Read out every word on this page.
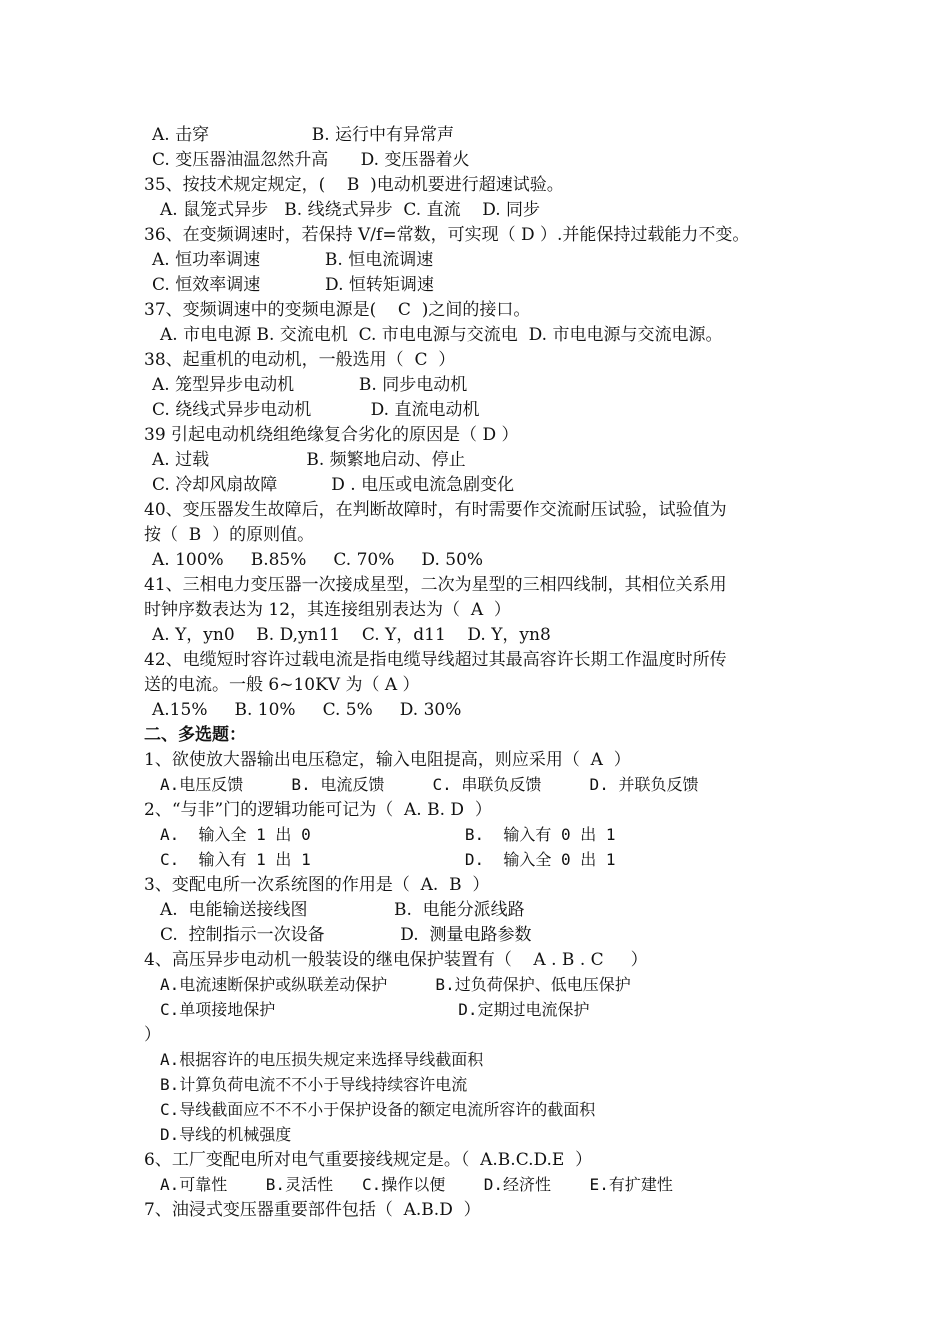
A. 击穿                   B. 运行中有异常声
C. 变压器油温忽然升高      D. 变压器着火
35、按技术规定规定，(    B  )电动机要进行超速试验。
A. 鼠笼式异步   B. 线绕式异步  C. 直流    D. 同步
36、在变频调速时，若保持 V/f=常数，可实现（ D ）.并能保持过载能力不变。
A. 恒功率调速            B. 恒电流调速
C. 恒效率调速            D. 恒转矩调速
37、变频调速中的变频电源是(    C  )之间的接口。
A. 市电电源 B. 交流电机  C. 市电电源与交流电  D. 市电电源与交流电源。
38、起重机的电动机，一般选用（  C  ）
A. 笼型异步电动机            B. 同步电动机
C. 绕线式异步电动机           D. 直流电动机
39 引起电动机绕组绝缘复合劣化的原因是（ D ）
A. 过载                  B. 频繁地启动、停止
C. 冷却风扇故障          D . 电压或电流急剧变化
40、变压器发生故障后，在判断故障时，有时需要作交流耐压试验，试验值为
按（  B  ）的原则值。
A. 100%     B.85%     C. 70%     D. 50%
41、三相电力变压器一次接成星型，二次为星型的三相四线制，其相位关系用
时钟序数表达为 12，其连接组别表达为（  A  ）
A. Y，yn0    B. D,yn11    C. Y，d11    D. Y，yn8
42、电缆短时容许过载电流是指电缆导线超过其最高容许长期工作温度时所传
送的电流。一般 6~10KV 为（ A ）
A.15%     B. 10%     C. 5%     D. 30%
二、多选题：
1、欲使放大器输出电压稳定，输入电阻提高，则应采用（  A  ）
A.电压反馈     B. 电流反馈     C. 串联负反馈     D. 并联负反馈
2、“与非”门的逻辑功能可记为（  A. B. D  ）
A.  输入全 1 出 0                B.  输入有 0 出 1
C.  输入有 1 出 1                D.  输入全 0 出 1
3、变配电所一次系统图的作用是（  A.  B  ）
A.  电能输送接线图                B.  电能分派线路
C.  控制指示一次设备              D.  测量电路参数
4、高压异步电动机一般装设的继电保护装置有（    A . B . C     ）
A.电流速断保护或纵联差动保护     B.过负荷保护、低电压保护
C.单项接地保护                   D.定期过电流保护
）
A.根据容许的电压损失规定来选择导线截面积
B.计算负荷电流不不小于导线持续容许电流
C.导线截面应不不不小于保护设备的额定电流所容许的截面积
D.导线的机械强度
6、工厂变配电所对电气重要接线规定是。（  A.B.C.D.E  ）
A.可靠性    B.灵活性   C.操作以便    D.经济性    E.有扩建性
7、油浸式变压器重要部件包括（  A.B.D  ）
